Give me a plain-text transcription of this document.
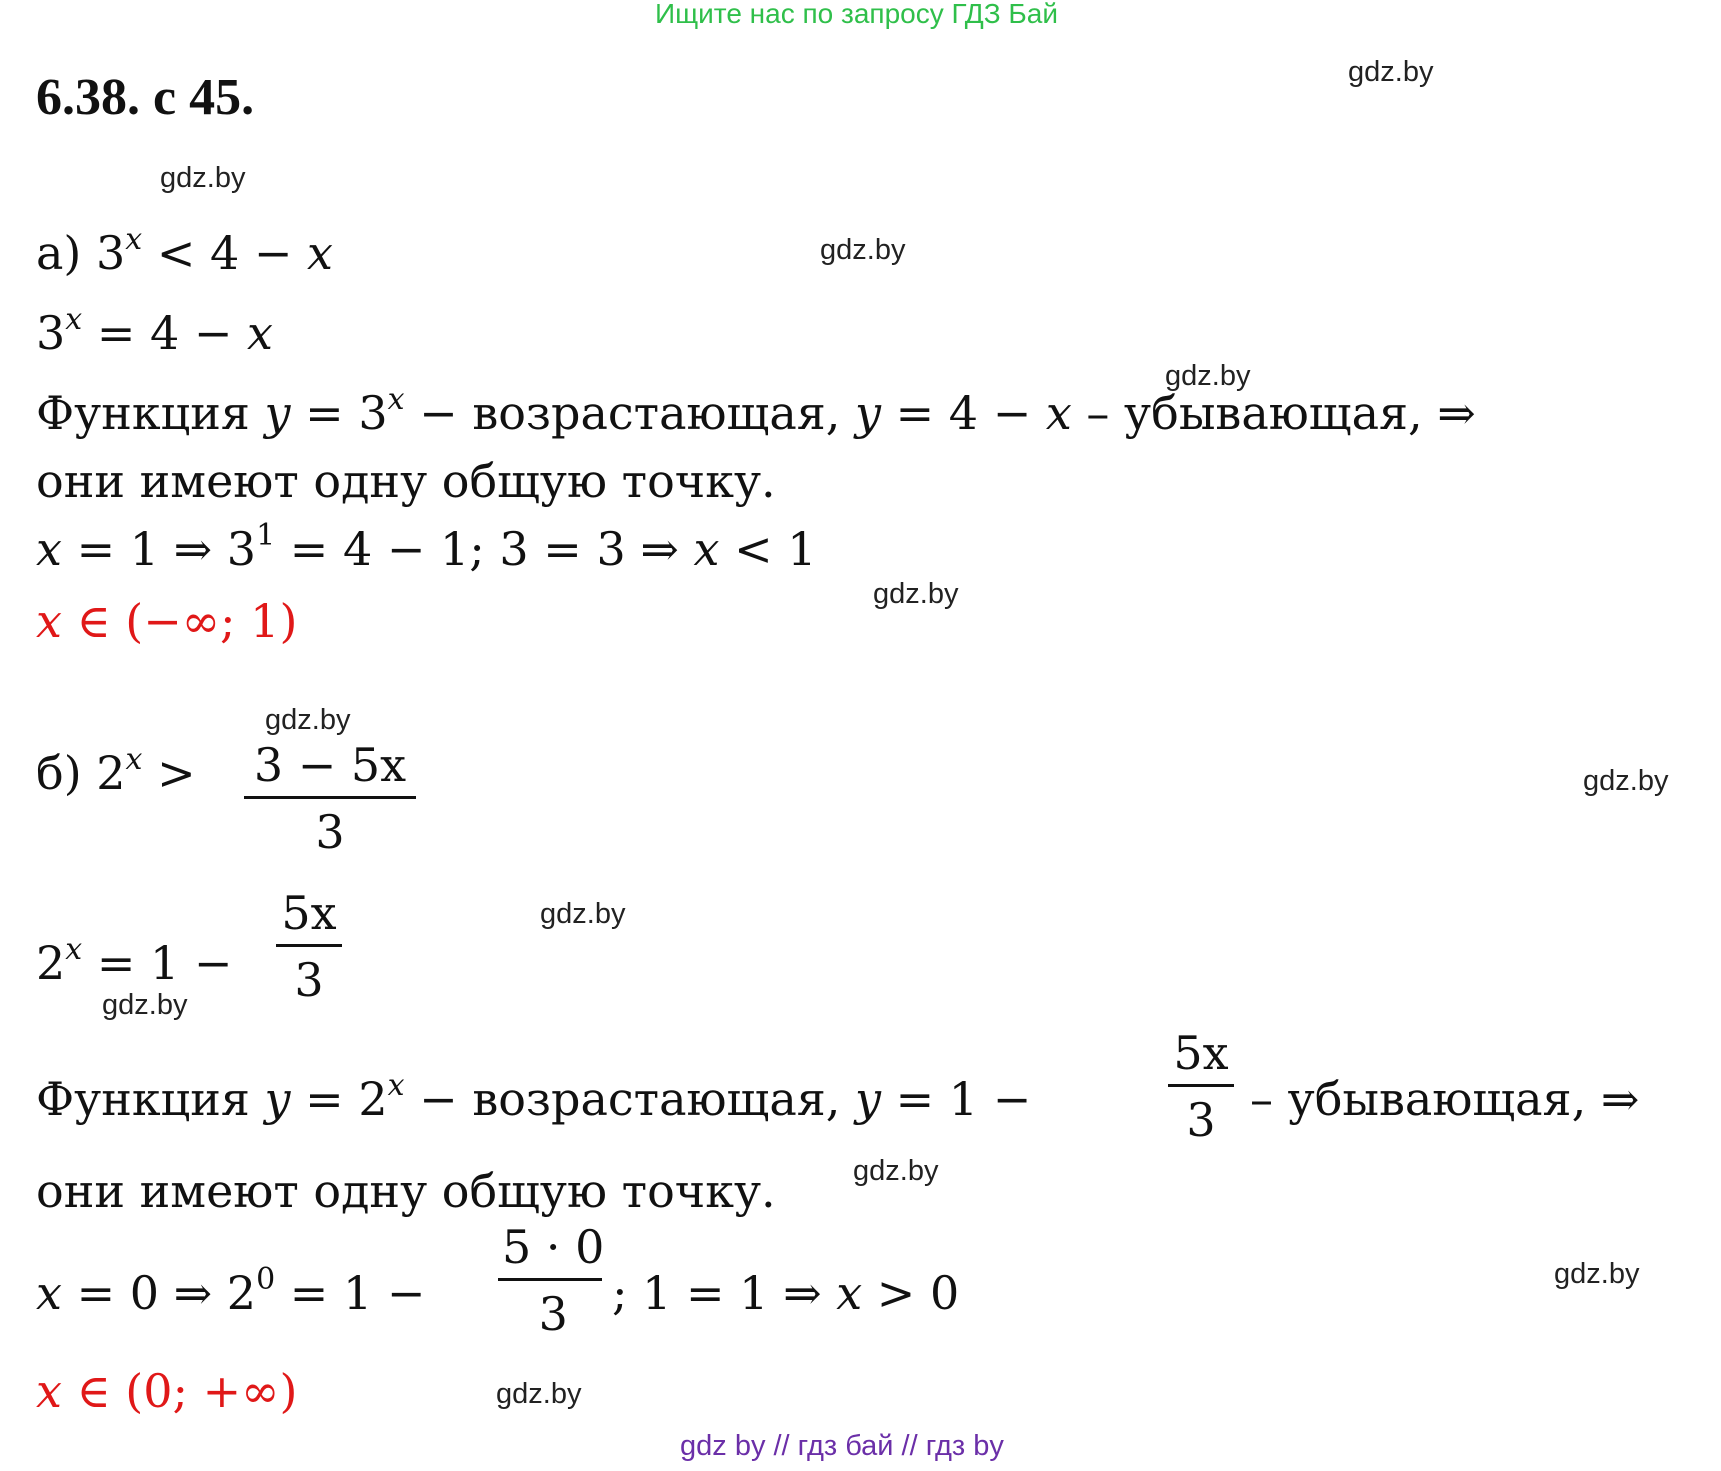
Ищите нас по запросу ГДЗ Бай
6.38. с 45.	gdz.by
gdz.by
gdz.by
gdz.by
gdz.by
gdz.by
gdz.by
gdz.by
gdz.by
gdz.by
gdz.by
gdz.by
а) $3^x < 4 - x$
$3^x = 4 - x$
Функция $y = 3^x$ − возрастающая, y = 4 − x – убывающая, ⇒
они имеют одну общую точку.
x = 1 ⇒ $3^1 = 4 - 1$; 3 = 3 ⇒ x < 1
x ∈ (−∞; 1)
б) $2^x > \frac{3 - 5x}{3}$
$2^x = 1 - \frac{5x}{3}$
Функция $y = 2^x$ − возрастающая, y = 1 −	$\frac{5x}{3}$ – убывающая, ⇒
они имеют одну общую точку.
x = 0 ⇒ $2^0 = 1 - \frac{5 \cdot 0}{3}$ ; 1 = 1 ⇒ x > 0
x ∈ (0; +∞)
gdz by // гдз бай // гдз by
